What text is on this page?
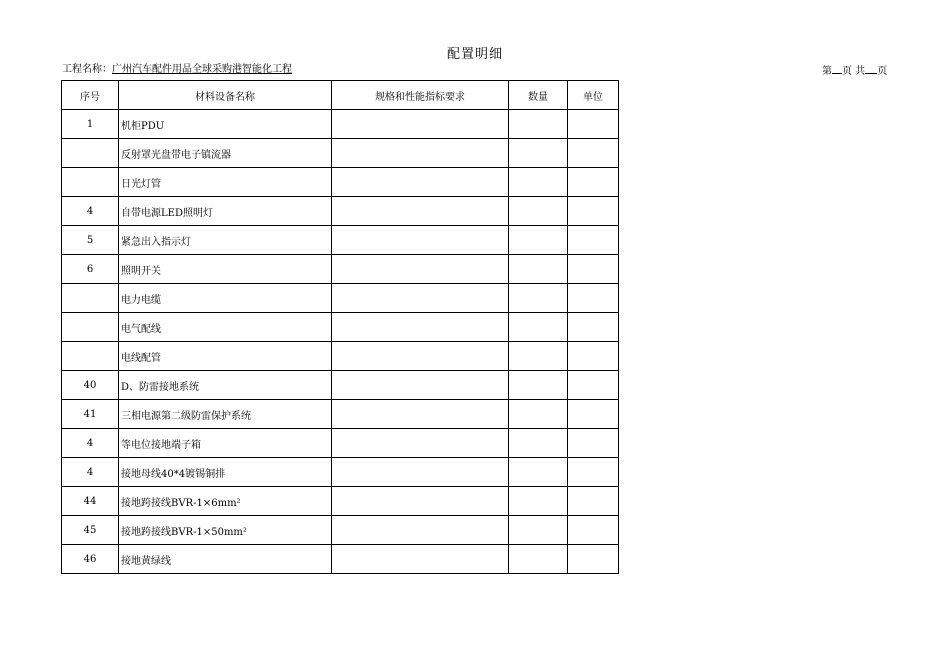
配置明细
工程名称：广州汽车配件用品全球采购港智能化工程	第 页 共 页
序号	材料设备名称	规格和性能指标要求	数量	单位
1	机柜PDU			
	反射罩光盘带电子镇流器			
	日光灯管			
4	自带电源LED照明灯			
5	紧急出入指示灯			
6	照明开关			
	电力电缆			
	电气配线			
	电线配管			
40	D、防雷接地系统			
41	三相电源第二级防雷保护系统			
4	等电位接地端子箱			
4	接地母线40*4镀锡铜排			
44	接地跨接线BVR-1×6mm²			
45	接地跨接线BVR-1×50mm²			
46	接地黄绿线			
